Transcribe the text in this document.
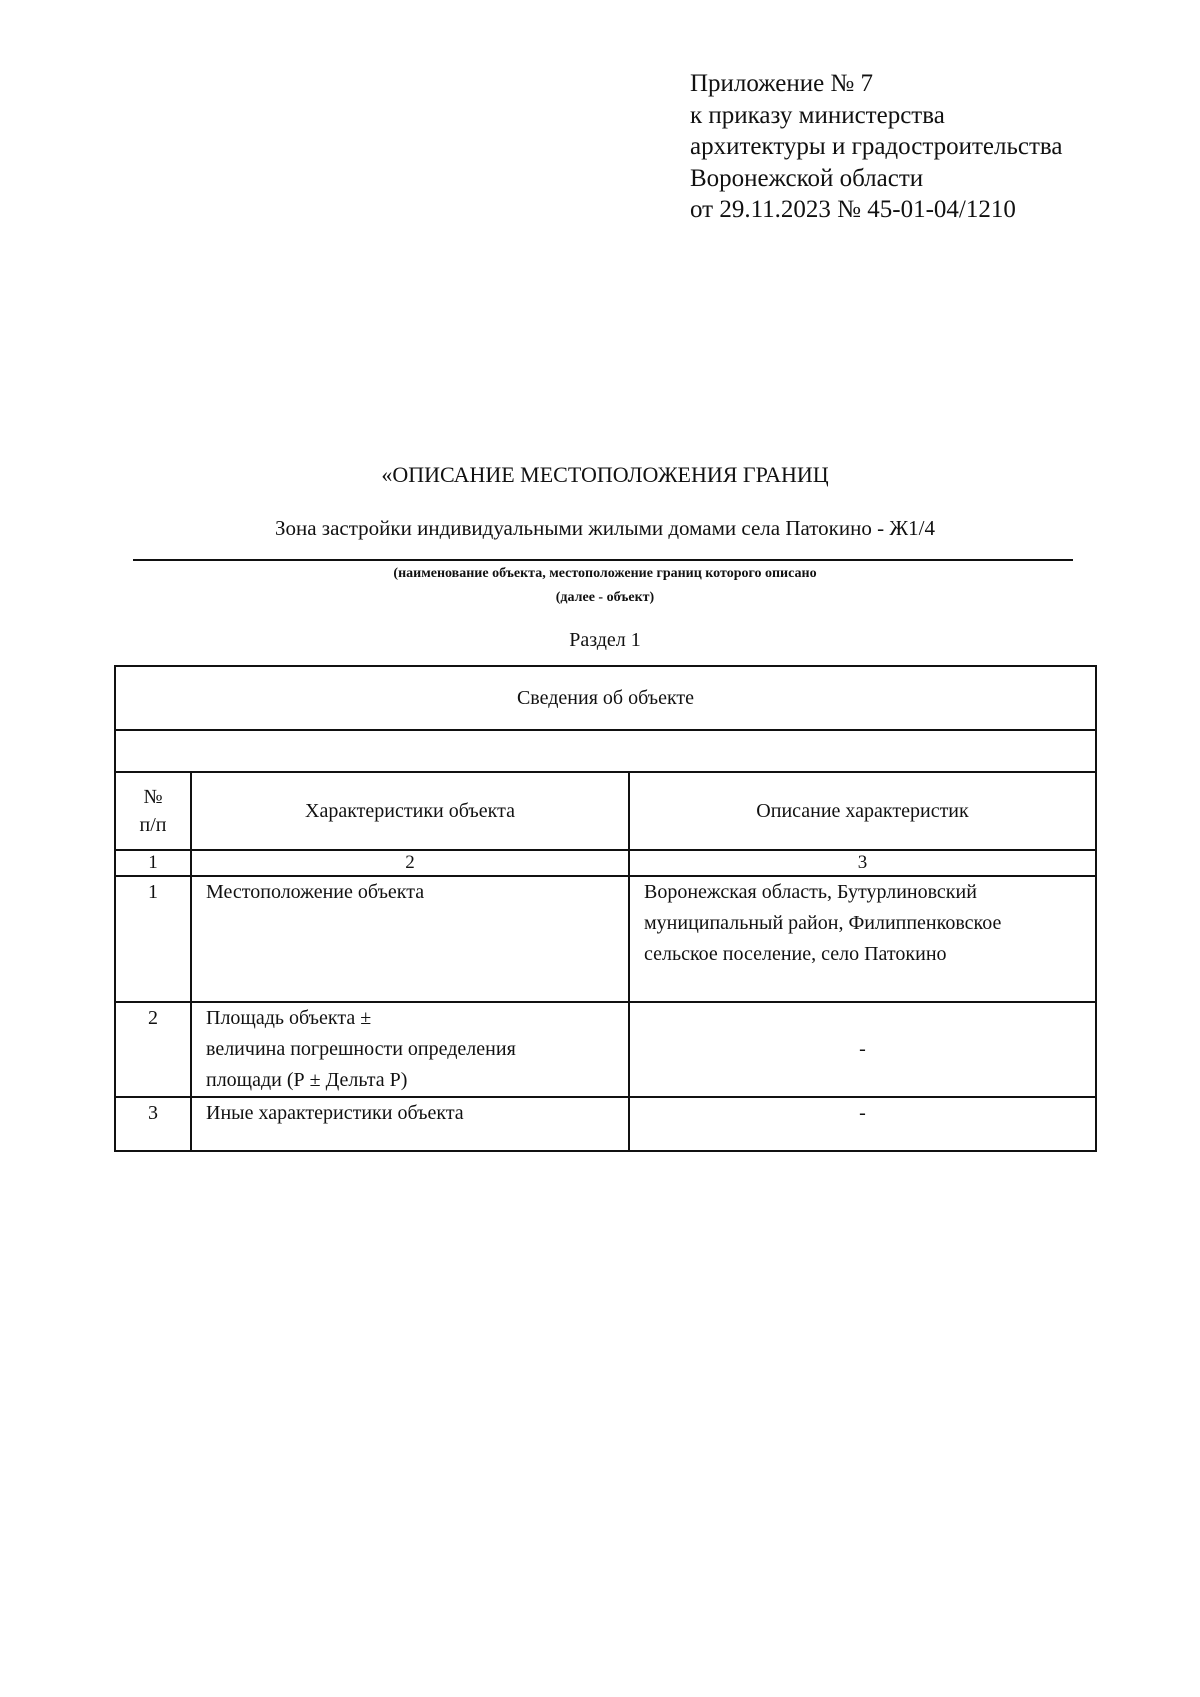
Приложение № 7
к приказу министерства
архитектуры и градостроительства
Воронежской области
от 29.11.2023 № 45-01-04/1210
«ОПИСАНИЕ МЕСТОПОЛОЖЕНИЯ ГРАНИЦ
Зона застройки индивидуальными жилыми домами села Патокино - Ж1/4
(наименование объекта, местоположение границ которого описано
(далее - объект)
Раздел 1
Сведения об объекте		

№
п/п	Характеристики объекта	Описание характеристик
1	2	3
1	Местоположение объекта	Воронежская область, Бутурлиновский
муниципальный район, Филиппенковское
сельское поселение, село Патокино

2	Площадь объекта ±
величина погрешности определения
площади (Р ± Дельта Р)	-
3	Иные характеристики объекта	-
